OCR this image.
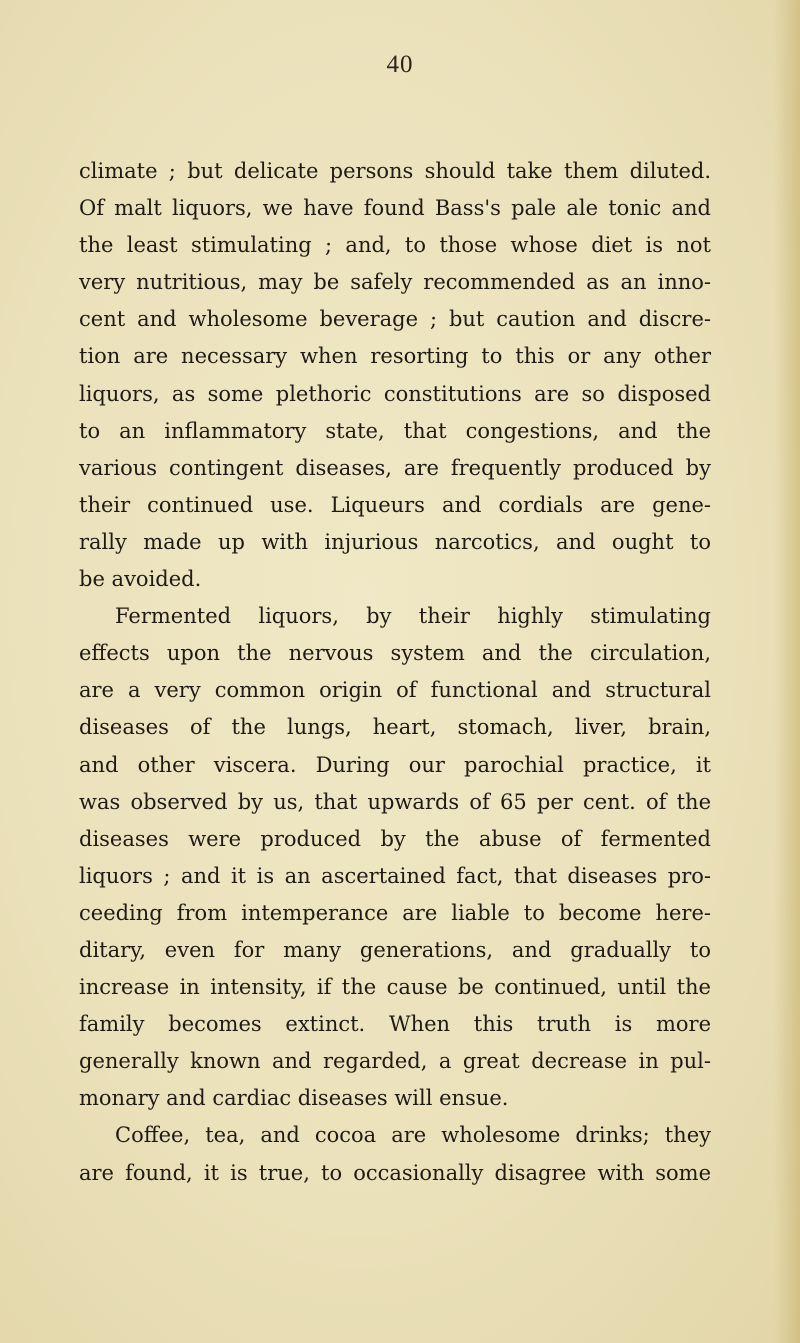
40
climate ; but delicate persons should take them diluted.
Of malt liquors, we have found Bass's pale ale tonic and
the least stimulating ; and, to those whose diet is not
very nutritious, may be safely recommended as an inno-
cent and wholesome beverage ; but caution and discre-
tion are necessary when resorting to this or any other
liquors, as some plethoric constitutions are so disposed
to an inflammatory state, that congestions, and the
various contingent diseases, are frequently produced by
their continued use. Liqueurs and cordials are gene-
rally made up with injurious narcotics, and ought to
be avoided.
Fermented liquors, by their highly stimulating
effects upon the nervous system and the circulation,
are a very common origin of functional and structural
diseases of the lungs, heart, stomach, liver, brain,
and other viscera. During our parochial practice, it
was observed by us, that upwards of 65 per cent. of the
diseases were produced by the abuse of fermented
liquors ; and it is an ascertained fact, that diseases pro-
ceeding from intemperance are liable to become here-
ditary, even for many generations, and gradually to
increase in intensity, if the cause be continued, until the
family becomes extinct. When this truth is more
generally known and regarded, a great decrease in pul-
monary and cardiac diseases will ensue.
Coffee, tea, and cocoa are wholesome drinks; they
are found, it is true, to occasionally disagree with some
